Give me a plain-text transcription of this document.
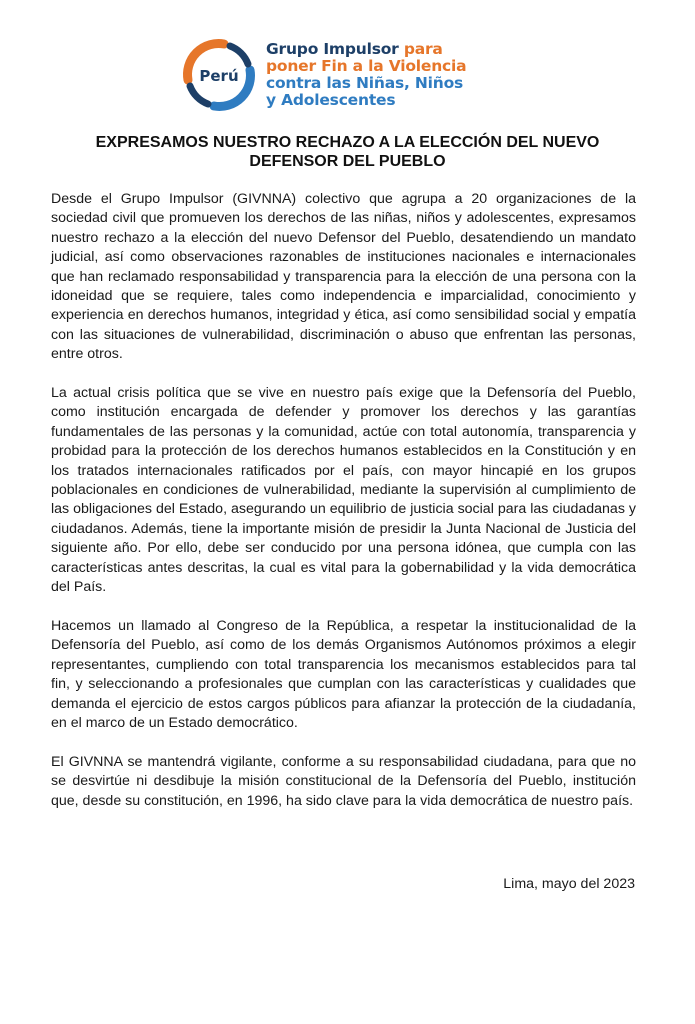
Perú
Grupo Impulsor para
poner Fin a la Violencia
contra las Niñas, Niños
y Adolescentes
EXPRESAMOS NUESTRO RECHAZO A LA ELECCIÓN DEL NUEVO
DEFENSOR DEL PUEBLO

Desde el Grupo Impulsor (GIVNNA) colectivo que agrupa a 20 organizaciones de la sociedad civil que promueven los derechos de las niñas, niños y adolescentes, expresamos nuestro rechazo a la elección del nuevo Defensor del Pueblo, desatendiendo un mandato judicial, así como observaciones razonables de instituciones nacionales e internacionales que han reclamado responsabilidad y transparencia para la elección de una persona con la idoneidad que se requiere, tales como independencia e imparcialidad, conocimiento y experiencia en derechos humanos, integridad y ética, así como sensibilidad social y empatía con las situaciones de vulnerabilidad, discriminación o abuso que enfrentan las personas, entre otros.

La actual crisis política que se vive en nuestro país exige que la Defensoría del Pueblo, como institución encargada de defender y promover los derechos y las garantías fundamentales de las personas y la comunidad, actúe con total autonomía, transparencia y probidad para la protección de los derechos humanos establecidos en la Constitución y en los tratados internacionales ratificados por el país, con mayor hincapié en los grupos poblacionales en condiciones de vulnerabilidad, mediante la supervisión al cumplimiento de las obligaciones del Estado, asegurando un equilibrio de justicia social para las ciudadanas y ciudadanos. Además, tiene la importante misión de presidir la Junta Nacional de Justicia del siguiente año. Por ello, debe ser conducido por una persona idónea, que cumpla con las características antes descritas, la cual es vital para la gobernabilidad y la vida democrática del País.

Hacemos un llamado al Congreso de la República, a respetar la institucionalidad de la Defensoría del Pueblo, así como de los demás Organismos Autónomos próximos a elegir representantes, cumpliendo con total transparencia los mecanismos establecidos para tal fin, y seleccionando a profesionales que cumplan con las características y cualidades que demanda el ejercicio de estos cargos públicos para afianzar la protección de la ciudadanía, en el marco de un Estado democrático.

El GIVNNA se mantendrá vigilante, conforme a su responsabilidad ciudadana, para que no se desvirtúe ni desdibuje la misión constitucional de la Defensoría del Pueblo, institución que, desde su constitución, en 1996, ha sido clave para la vida democrática de nuestro país.

Lima, mayo del 2023
